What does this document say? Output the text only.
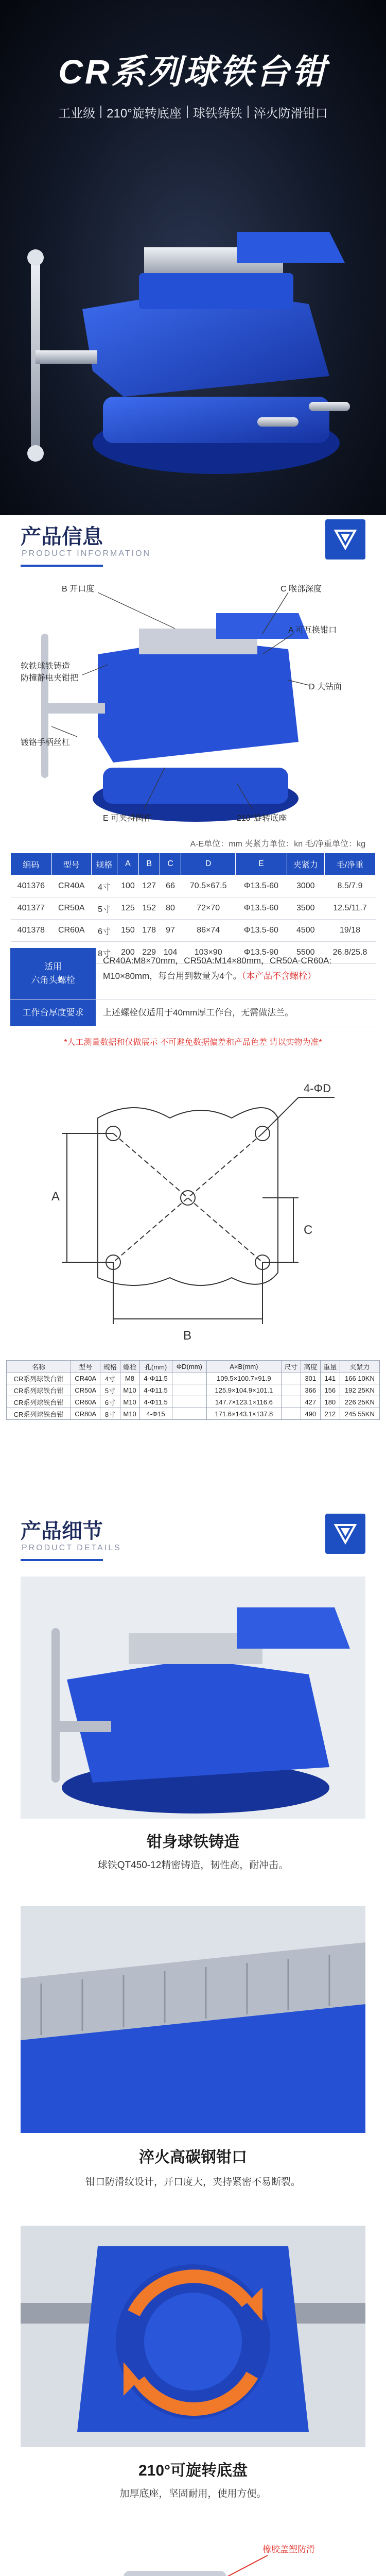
CR系列球铁台钳
工业级 210°旋转底座 球铁铸铁 淬火防滑钳口
产品信息
PRODUCT INFORMATION
B 开口度	C 喉部深度
A 可互换钳口
D 大钻面
软铁球铁铸造
防撞静电夹钳把
镀铬手柄丝杠
E 可夹持圆件	210°旋转底座
A-E单位：mm 夹紧力单位：kn 毛/净重单位：kg
编码	型号	规格	A	B	C	D	E	夹紧力	毛/净重
401376	CR40A	4寸	100	127	66	70.5×67.5	Φ13.5-60	3000	8.5/7.9
401377	CR50A	5寸	125	152	80	72×70	Φ13.5-60	3500	12.5/11.7
401378	CR60A	6寸	150	178	97	86×74	Φ13.5-60	4500	19/18
		8寸	200	229	104	103×90	Φ13.5-90	5500	26.8/25.8
适用
六角头螺栓
CR40A:M8×70mm，CR50A:M14×80mm，CR50A-CR60A: M10×80mm，每台用到数量为4个。（本产品不含螺栓）
工作台厚度要求	上述螺栓仅适用于40mm厚工作台，无需做法兰。
*人工测量数据和仅做展示 不可避免数据偏差和产品色差 请以实物为准*
A
B
C
4-ΦD
名称	型号	规格	螺栓	孔(mm)	ΦD(mm)	A×B(mm)	尺寸	高度	重量	夹紧力
CR系列球铁台钳	CR40A	4寸	M8	4-Φ11.5		109.5×100.7×91.9		301	141	166 10KN
CR系列球铁台钳	CR50A	5寸	M10	4-Φ11.5		125.9×104.9×101.1		366	156	192 25KN
CR系列球铁台钳	CR60A	6寸	M10	4-Φ11.5		147.7×123.1×116.6		427	180	226 25KN
CR系列球铁台钳	CR80A	8寸	M10	4-Φ15		171.6×143.1×137.8		490	212	245 55KN
产品细节
PRODUCT DETAILS
钳身球铁铸造
球铁QT450-12精密铸造，韧性高，耐冲击。
淬火高碳钢钳口
钳口防滑纹设计，开口度大，夹持紧密不易断裂。
210°可旋转底盘
加厚底座，坚固耐用，使用方便。
橡胶盖塑防滑
